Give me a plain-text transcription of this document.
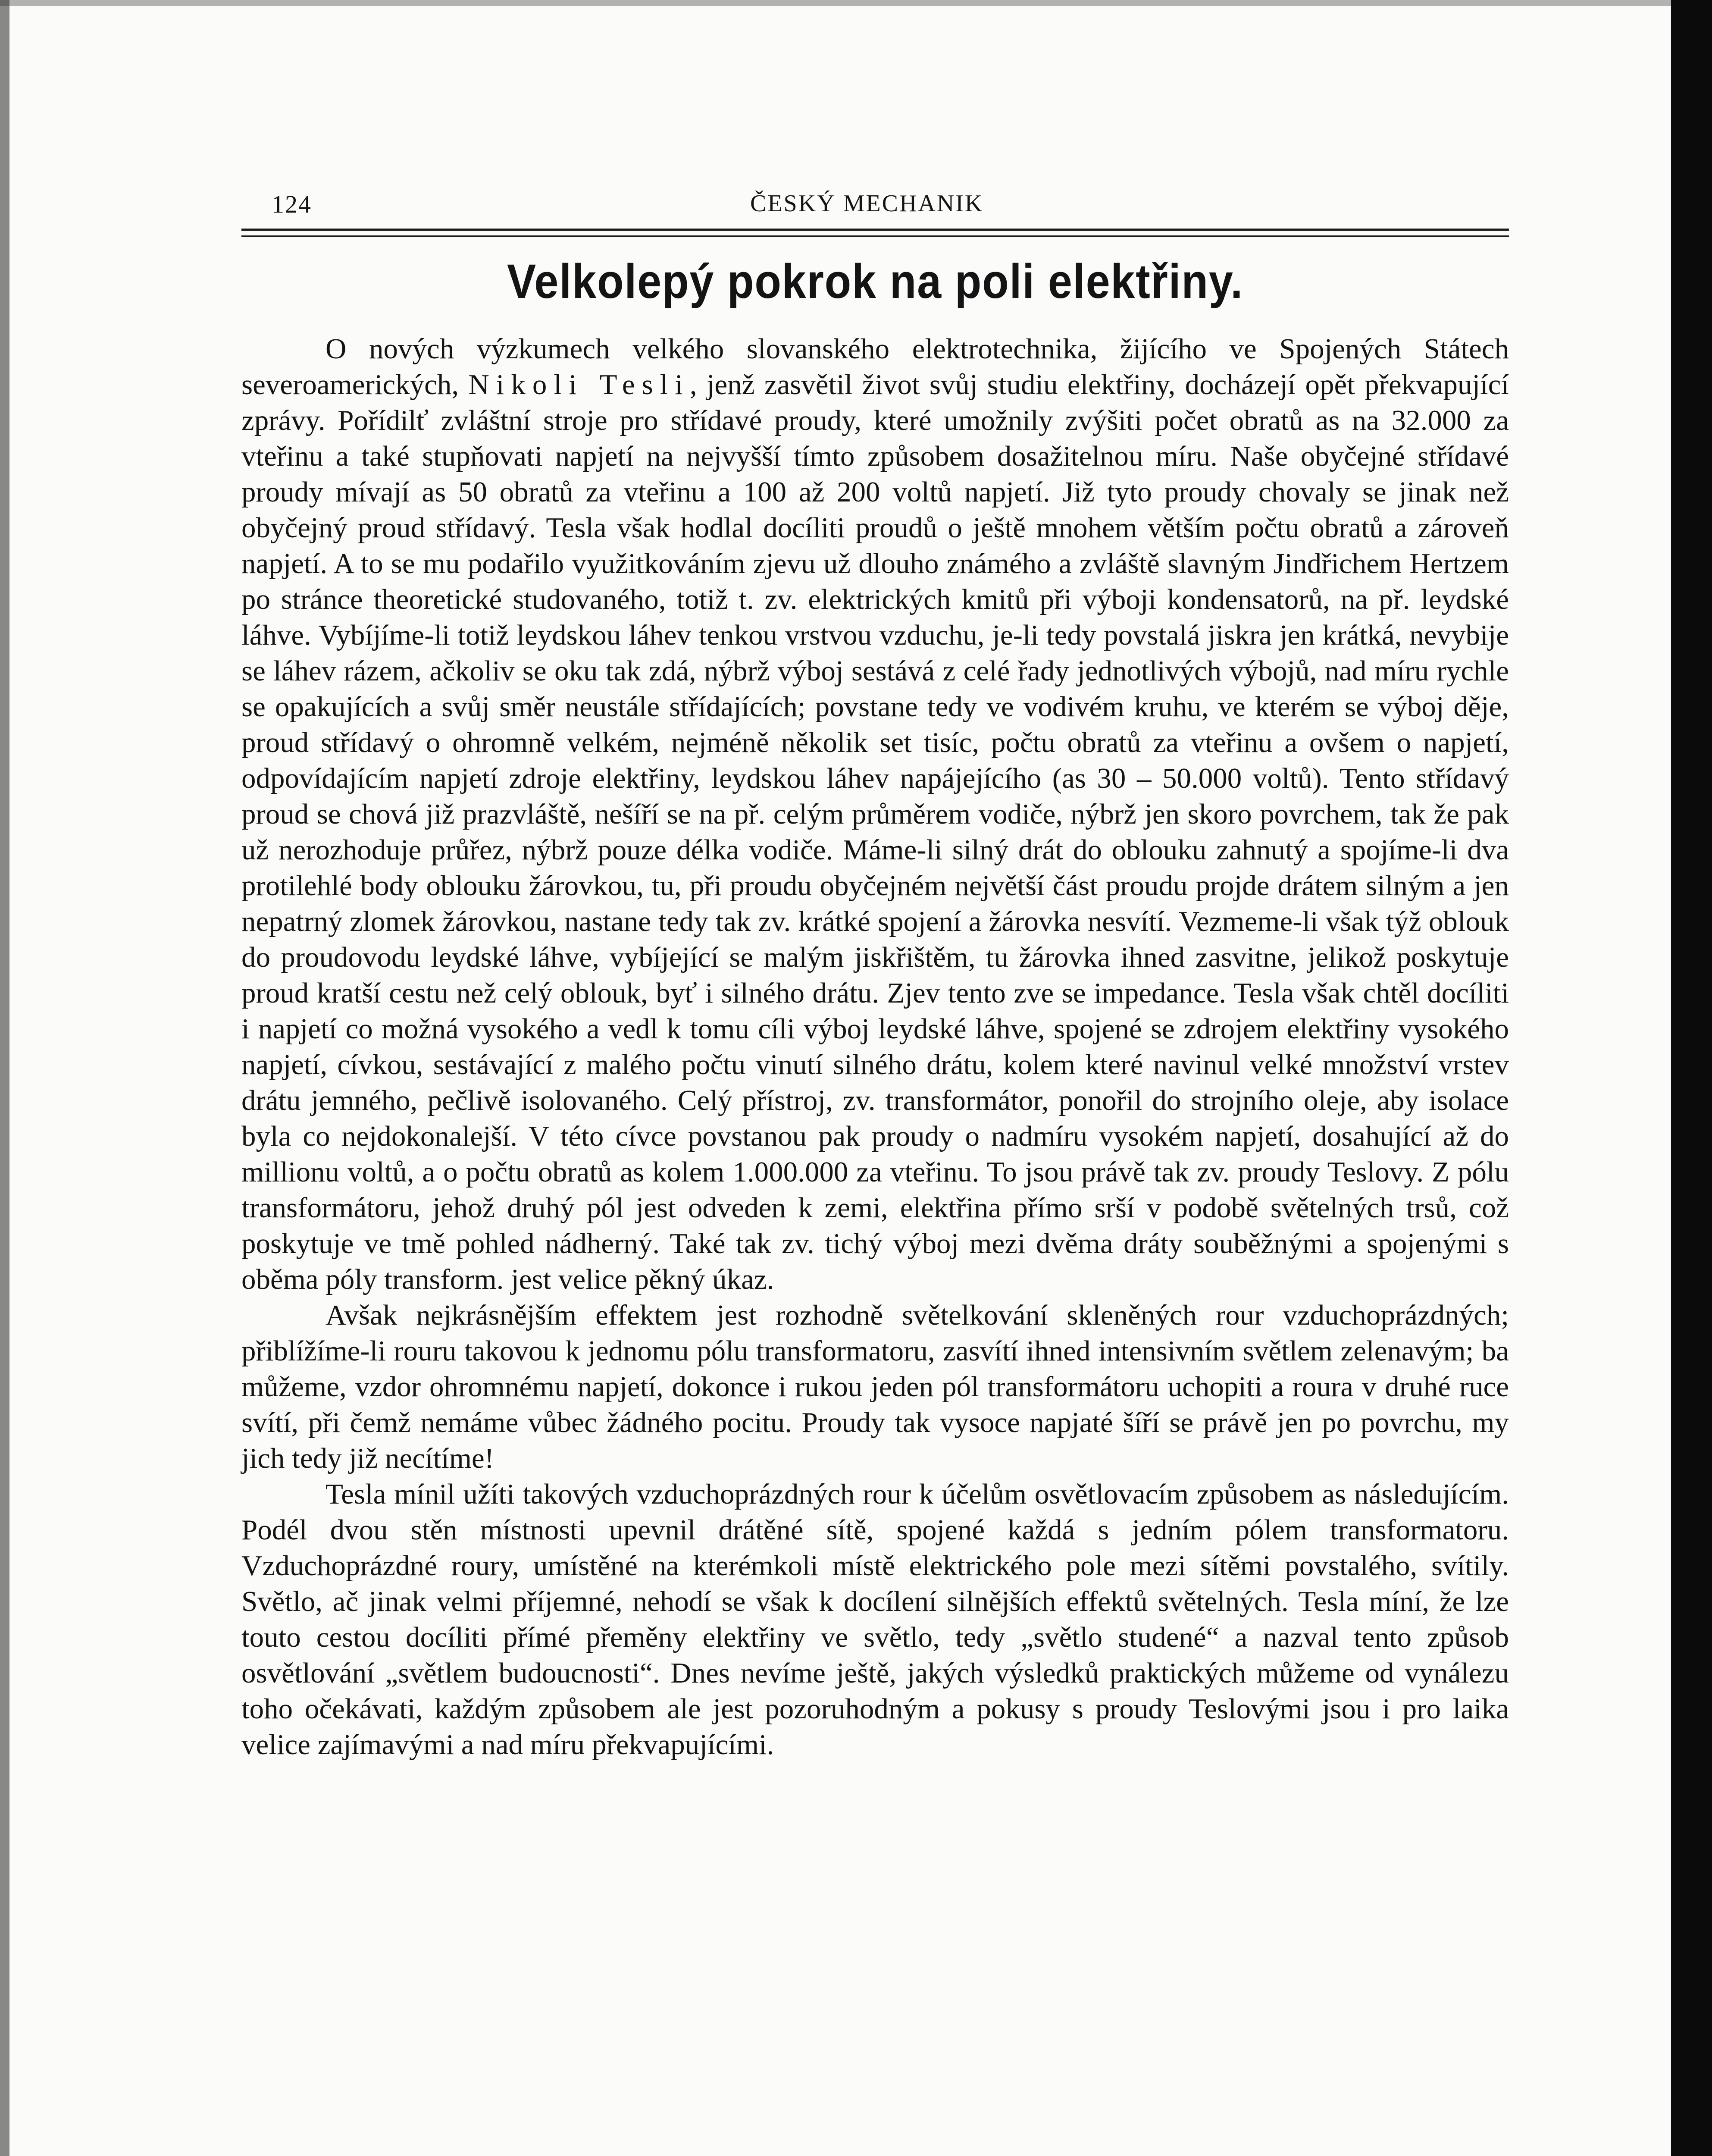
124	ČESKÝ MECHANIK
Velkolepý pokrok na poli elektřiny.

O nových výzkumech velkého slovanského elektrotechnika, žijícího ve Spojených Státech severoamerických, Nikoli Tesli, jenž zasvětil život svůj studiu elektřiny, docházejí opět překvapující zprávy. Pořídilť zvláštní stroje pro střídavé proudy, které umožnily zvýšiti počet obratů as na 32.000 za vteřinu a také stupňovati napjetí na nejvyšší tímto způsobem dosažitelnou míru. Naše obyčejné střídavé proudy mívají as 50 obratů za vteřinu a 100 až 200 voltů napjetí. Již tyto proudy chovaly se jinak než obyčejný proud střídavý. Tesla však hodlal docíliti proudů o ještě mnohem větším počtu obratů a zároveň napjetí. A to se mu podařilo využitkováním zjevu už dlouho známého a zvláště slavným Jindřichem Hertzem po stránce theoretické studovaného, totiž t. zv. elektrických kmitů při výboji kondensatorů, na př. leydské láhve. Vybíjíme-li totiž leydskou láhev tenkou vrstvou vzduchu, je-li tedy povstalá jiskra jen krátká, nevybije se láhev rázem, ačkoliv se oku tak zdá, nýbrž výboj sestává z celé řady jednotlivých výbojů, nad míru rychle se opakujících a svůj směr neustále střídajících; povstane tedy ve vodivém kruhu, ve kterém se výboj děje, proud střídavý o ohromně velkém, nejméně několik set tisíc, počtu obratů za vteřinu a ovšem o napjetí, odpovídajícím napjetí zdroje elektřiny, leydskou láhev napájejícího (as 30 – 50.000 voltů). Tento střídavý proud se chová již prazvláště, nešíří se na př. celým průměrem vodiče, nýbrž jen skoro povrchem, tak že pak už nerozhoduje průřez, nýbrž pouze délka vodiče. Máme-li silný drát do oblouku zahnutý a spojíme-li dva protilehlé body oblouku žárovkou, tu, při proudu obyčejném největší část proudu projde drátem silným a jen nepatrný zlomek žárovkou, nastane tedy tak zv. krátké spojení a žárovka nesvítí. Vezmeme-li však týž oblouk do proudovodu leydské láhve, vybíjející se malým jiskřištěm, tu žárovka ihned zasvitne, jelikož poskytuje proud kratší cestu než celý oblouk, byť i silného drátu. Zjev tento zve se impedance. Tesla však chtěl docíliti i napjetí co možná vysokého a vedl k tomu cíli výboj leydské láhve, spojené se zdrojem elektřiny vysokého napjetí, cívkou, sestávající z malého počtu vinutí silného drátu, kolem které navinul velké množství vrstev drátu jemného, pečlivě isolovaného. Celý přístroj, zv. transformátor, ponořil do strojního oleje, aby isolace byla co nejdokonalejší. V této cívce povstanou pak proudy o nadmíru vysokém napjetí, dosahující až do millionu voltů, a o počtu obratů as kolem 1.000.000 za vteřinu. To jsou právě tak zv. proudy Teslovy. Z pólu transformátoru, jehož druhý pól jest odveden k zemi, elektřina přímo srší v podobě světelných trsů, což poskytuje ve tmě pohled nádherný. Také tak zv. tichý výboj mezi dvěma dráty souběžnými a spojenými s oběma póly transform. jest velice pěkný úkaz.

Avšak nejkrásnějším effektem jest rozhodně světelkování skleněných rour vzduchoprázdných; přiblížíme-li rouru takovou k jednomu pólu transformatoru, zasvítí ihned intensivním světlem zelenavým; ba můžeme, vzdor ohromnému napjetí, dokonce i rukou jeden pól transformátoru uchopiti a roura v druhé ruce svítí, při čemž nemáme vůbec žádného pocitu. Proudy tak vysoce napjaté šíří se právě jen po povrchu, my jich tedy již necítíme!

Tesla mínil užíti takových vzduchoprázdných rour k účelům osvětlovacím způsobem as následujícím. Podél dvou stěn místnosti upevnil drátěné sítě, spojené každá s jedním pólem transformatoru. Vzduchoprázdné roury, umístěné na kterémkoli místě elektrického pole mezi sítěmi povstalého, svítily. Světlo, ač jinak velmi příjemné, nehodí se však k docílení silnějších effektů světelných. Tesla míní, že lze touto cestou docíliti přímé přeměny elektřiny ve světlo, tedy „světlo studené“ a nazval tento způsob osvětlování „světlem budoucnosti“. Dnes nevíme ještě, jakých výsledků praktických můžeme od vynálezu toho očekávati, každým způsobem ale jest pozoruhodným a pokusy s proudy Teslovými jsou i pro laika velice zajímavými a nad míru překvapujícími.
